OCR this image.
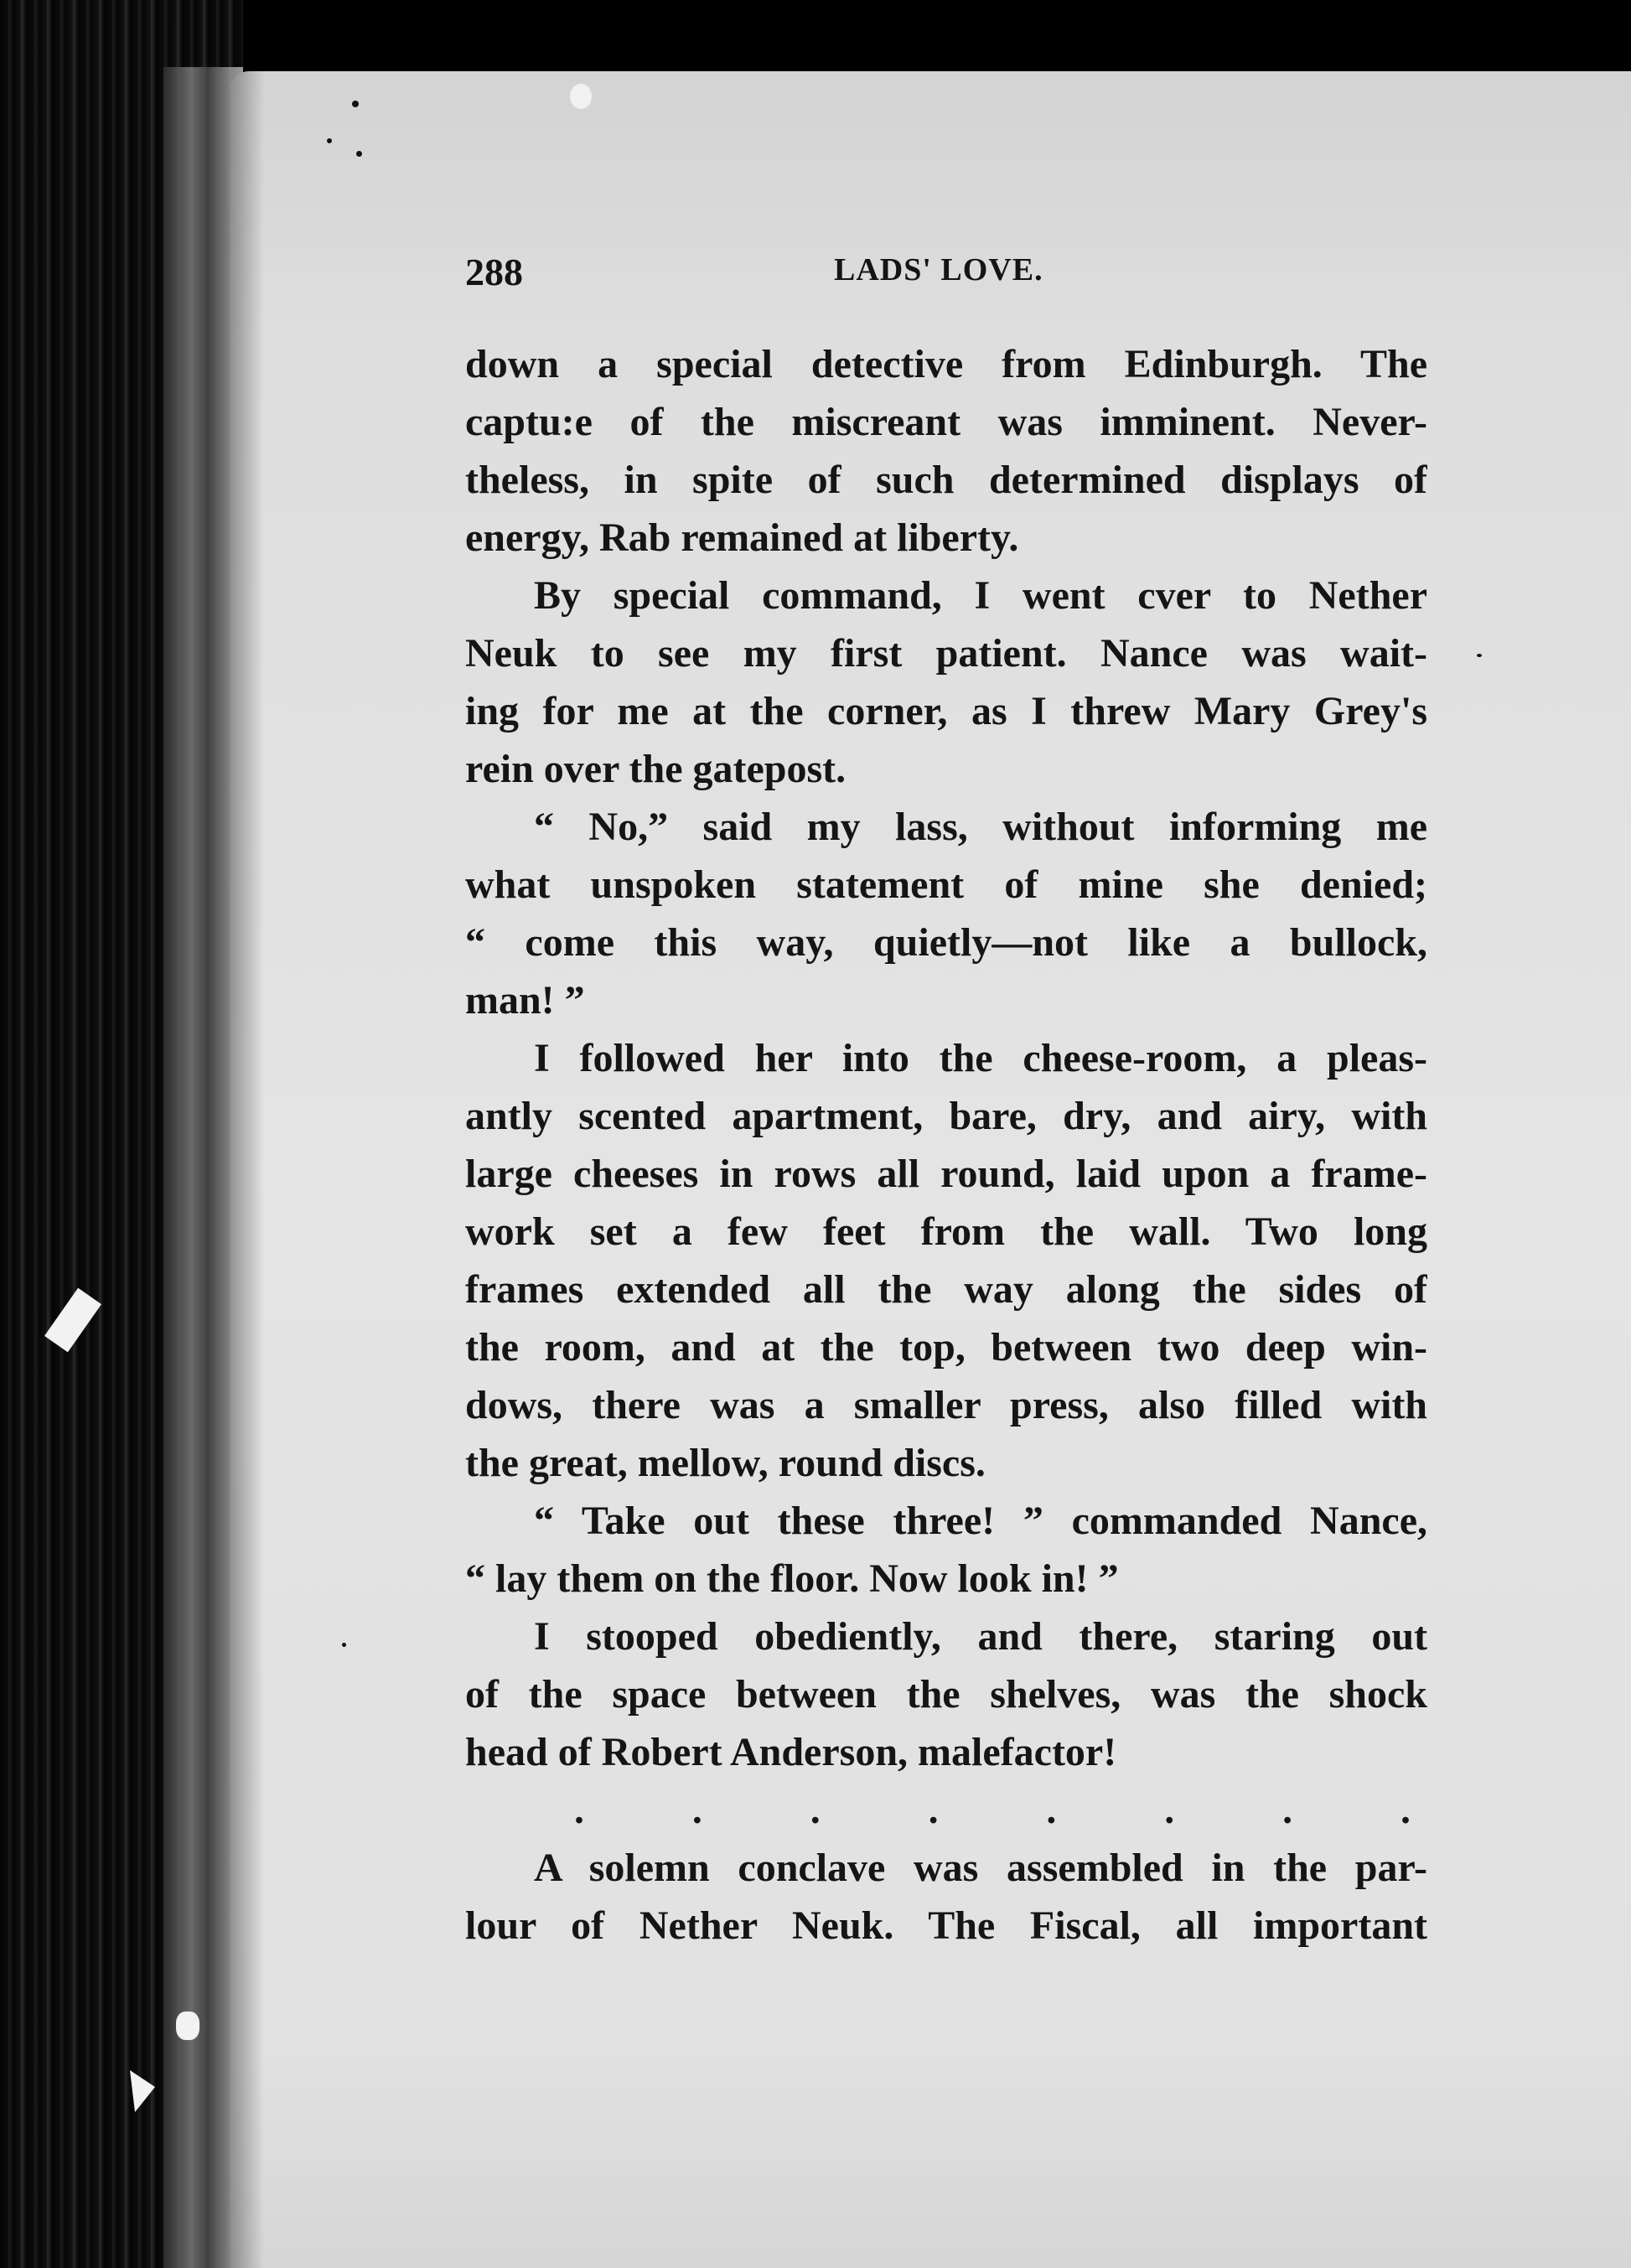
288	LADS' LOVE.
down a special detective from Edinburgh. The
captu:e of the miscreant was imminent. Never-
theless, in spite of such determined displays of
energy, Rab remained at liberty.
By special command, I went cver to Nether
Neuk to see my first patient. Nance was wait-
ing for me at the corner, as I threw Mary Grey's
rein over the gatepost.
“ No,” said my lass, without informing me
what unspoken statement of mine she denied;
“ come this way, quietly—not like a bullock,
man! ”
I followed her into the cheese-room, a pleas-
antly scented apartment, bare, dry, and airy, with
large cheeses in rows all round, laid upon a frame-
work set a few feet from the wall. Two long
frames extended all the way along the sides of
the room, and at the top, between two deep win-
dows, there was a smaller press, also filled with
the great, mellow, round discs.
“ Take out these three! ” commanded Nance,
“ lay them on the floor. Now look in! ”
I stooped obediently, and there, staring out
of the space between the shelves, was the shock
head of Robert Anderson, malefactor!
. . . . . . . .
A solemn conclave was assembled in the par-
lour of Nether Neuk. The Fiscal, all important
